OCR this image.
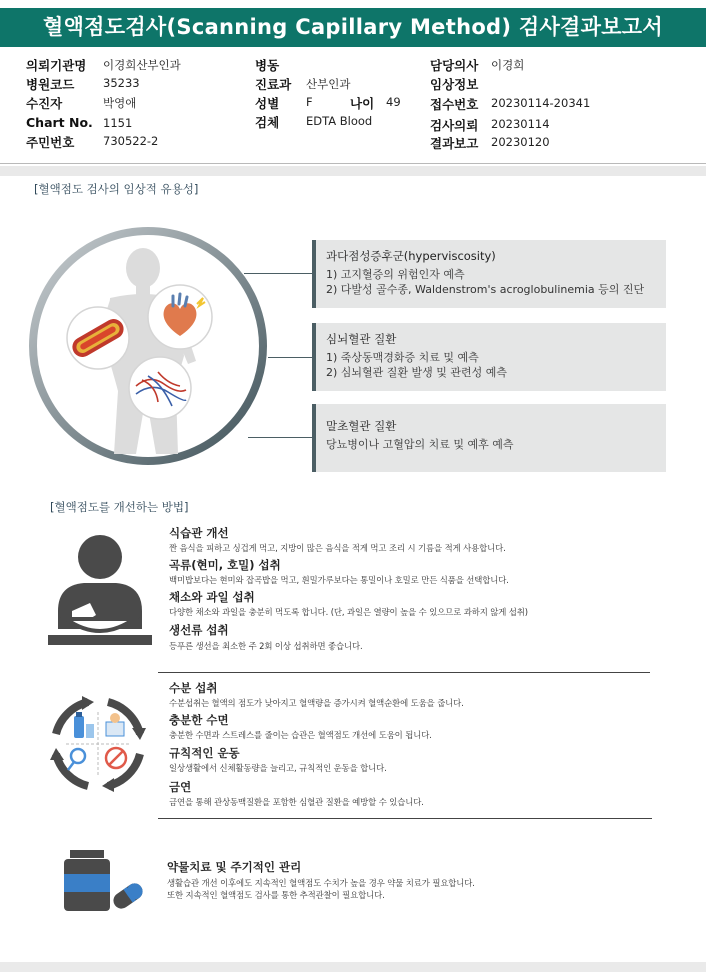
혈액점도검사(Scanning Capillary Method) 검사결과보고서
의뢰기관명 이경희산부인과
병원코드 35233
수진자	박영애
Chart No. 1151
주민번호 730522-2
병동
진료과 산부인과
성별 F	나이 49
검체 EDTA Blood
담당의사 이경희
임상정보
접수번호 20230114-20341
검사의뢰 20230114
결과보고 20230120
[혈액점도 검사의 임상적 유용성]
과다점성증후군(hyperviscosity)
1) 고지혈증의 위험인자 예측
2) 다발성 골수종, Waldenstrom's acroglobulinemia 등의 진단
심뇌혈관 질환
1) 죽상동맥경화증 치료 및 예측
2) 심뇌혈관 질환 발생 및 관련성 예측
말초혈관 질환
당뇨병이나 고혈압의 치료 및 예후 예측
[혈액점도를 개선하는 방법]
식습관 개선
짠 음식을 피하고 싱겁게 먹고, 지방이 많은 음식을 적게 먹고 조리 시 기름을 적게 사용합니다.
곡류(현미, 호밀) 섭취
백미밥보다는 현미와 잡곡밥을 먹고, 흰밀가루보다는 통밀이나 호밀로 만든 식품을 선택합니다.
채소와 과일 섭취
다양한 채소와 과일을 충분히 먹도록 합니다. (단, 과일은 열량이 높을 수 있으므로 과하지 않게 섭취)
생선류 섭취
등푸른 생선을 최소한 주 2회 이상 섭취하면 좋습니다.
수분 섭취
수분섭취는 혈액의 점도가 낮아지고 혈액량을 증가시켜 혈액순환에 도움을 줍니다.
충분한 수면
충분한 수면과 스트레스를 줄이는 습관은 혈액점도 개선에 도움이 됩니다.
규칙적인 운동
일상생활에서 신체활동량을 늘리고, 규칙적인 운동을 합니다.
금연
금연을 통해 관상동맥질환을 포함한 심혈관 질환을 예방할 수 있습니다.
약물치료 및 주기적인 관리
생활습관 개선 이후에도 지속적인 혈액점도 수치가 높을 경우 약물 치료가 필요합니다.
또한 지속적인 혈액점도 검사를 통한 추적관찰이 필요합니다.
